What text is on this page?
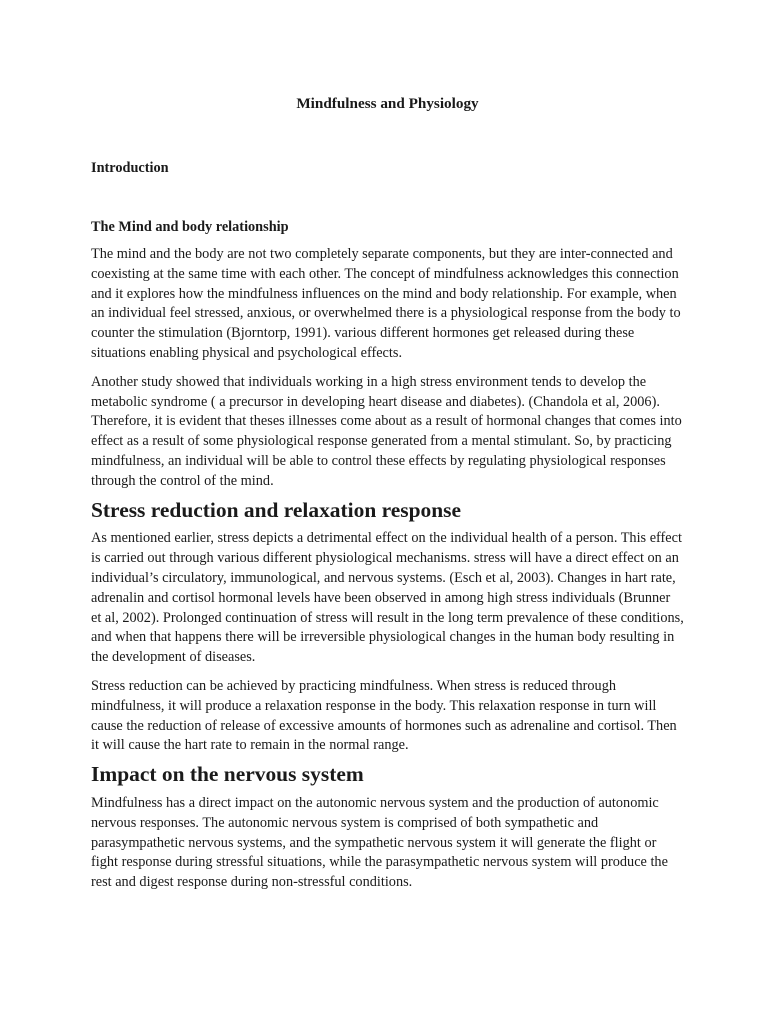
Mindfulness and Physiology
Introduction
The Mind and body relationship

The mind and the body are not two completely separate components, but they are inter-connected and coexisting at the same time with each other. The concept of mindfulness acknowledges this connection and it explores how the mindfulness influences on the mind and body relationship. For example, when an individual feel stressed, anxious, or overwhelmed there is a physiological response from the body to counter the stimulation (Bjorntorp, 1991). various different hormones get released during these situations enabling physical and psychological effects.

Another study showed that individuals working in a high stress environment tends to develop the metabolic syndrome ( a precursor in developing heart disease and diabetes). (Chandola et al, 2006). Therefore, it is evident that theses illnesses come about as a result of hormonal changes that comes into effect as a result of some physiological response generated from a mental stimulant. So, by practicing mindfulness, an individual will be able to control these effects by regulating physiological responses through the control of the mind.

Stress reduction and relaxation response

As mentioned earlier, stress depicts a detrimental effect on the individual health of a person. This effect is carried out through various different physiological mechanisms. stress will have a direct effect on an individual’s circulatory, immunological, and nervous systems. (Esch et al, 2003). Changes in hart rate, adrenalin and cortisol hormonal levels have been observed in among high stress individuals (Brunner et al, 2002). Prolonged continuation of stress will result in the long term prevalence of these conditions, and when that happens there will be irreversible physiological changes in the human body resulting in the development of diseases.

Stress reduction can be achieved by practicing mindfulness. When stress is reduced through mindfulness, it will produce a relaxation response in the body. This relaxation response in turn will cause the reduction of release of excessive amounts of hormones such as adrenaline and cortisol. Then it will cause the hart rate to remain in the normal range.

Impact on the nervous system

Mindfulness has a direct impact on the autonomic nervous system and the production of autonomic nervous responses. The autonomic nervous system is comprised of both sympathetic and parasympathetic nervous systems, and the sympathetic nervous system it will generate the flight or fight response during stressful situations, while the parasympathetic nervous system will produce the rest and digest response during non-stressful conditions.
